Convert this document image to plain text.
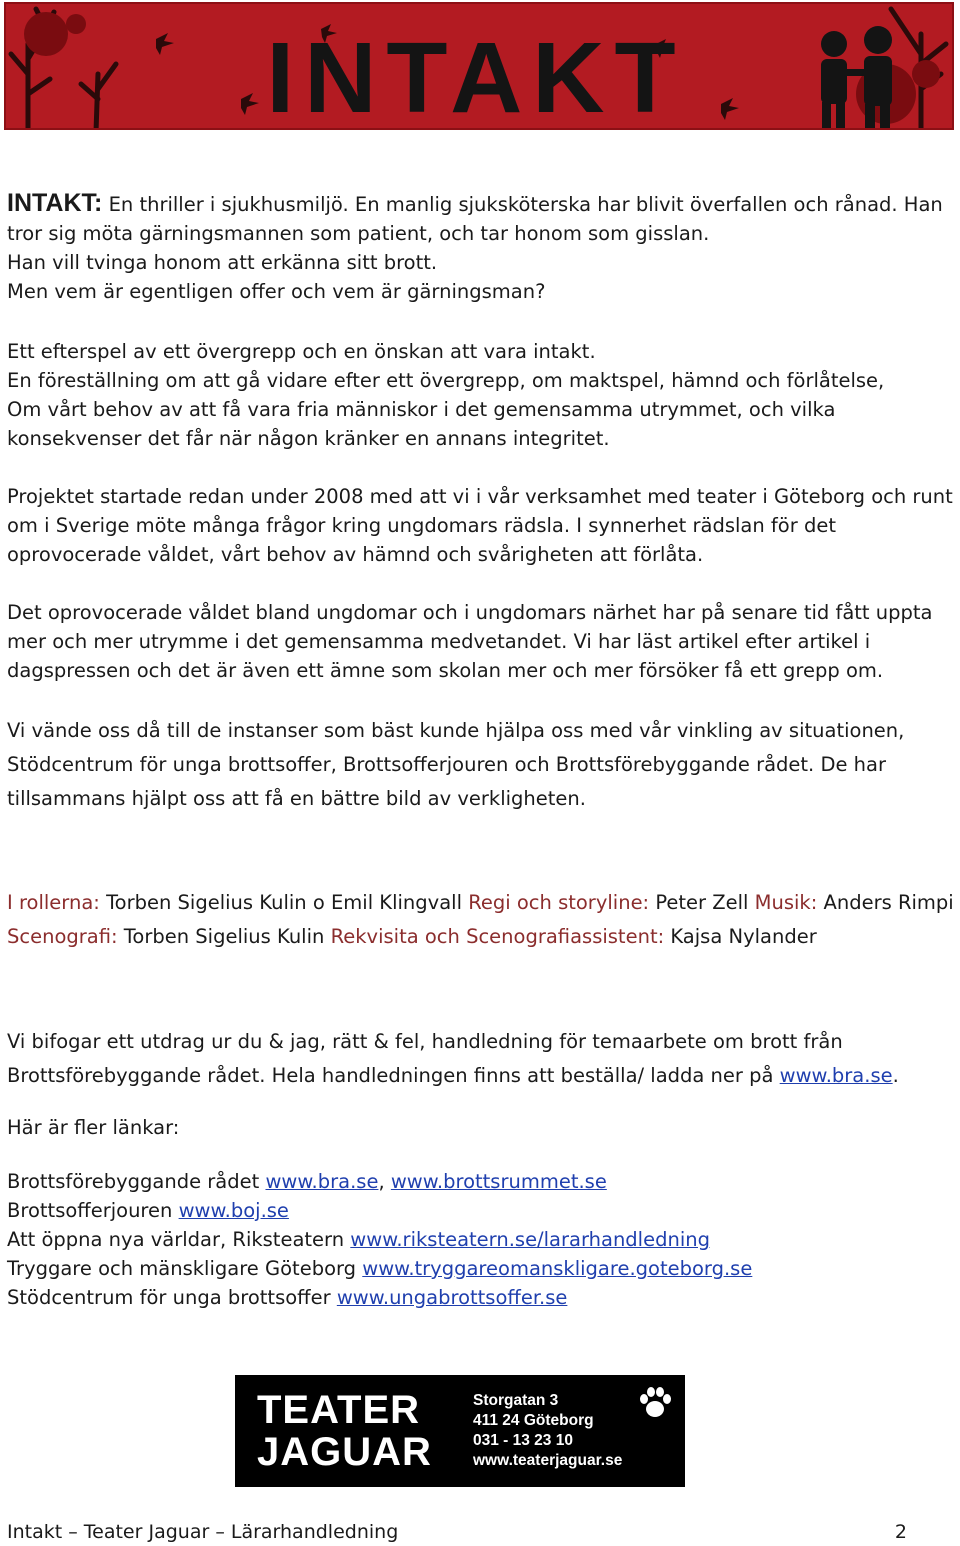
INTAKT

INTAKT: En thriller i sjukhusmiljö. En manlig sjuksköterska har blivit överfallen och rånad. Han tror sig möta gärningsmannen som patient, och tar honom som gisslan.

Han vill tvinga honom att erkänna sitt brott.

Men vem är egentligen offer och vem är gärningsman?

Ett efterspel av ett övergrepp och en önskan att vara intakt.

En föreställning om att gå vidare efter ett övergrepp, om maktspel, hämnd och förlåtelse,

Om vårt behov av att få vara fria människor i det gemensamma utrymmet, och vilka konsekvenser det får när någon kränker en annans integritet.

Projektet startade redan under 2008 med att vi i vår verksamhet med teater i Göteborg och runt om i Sverige möte många frågor kring ungdomars rädsla. I synnerhet rädslan för det oprovocerade våldet, vårt behov av hämnd och svårigheten att förlåta.
Det oprovocerade våldet bland ungdomar och i ungdomars närhet har på senare tid fått uppta mer och mer utrymme i det gemensamma medvetandet. Vi har läst artikel efter artikel i dagspressen och det är även ett ämne som skolan mer och mer försöker få ett grepp om.

Vi vände oss då till de instanser som bäst kunde hjälpa oss med vår vinkling av situationen,

Stödcentrum för unga brottsoffer, Brottsofferjouren och Brottsförebyggande rådet. De har

tillsammans hjälpt oss att få en bättre bild av verkligheten.

I rollerna: Torben Sigelius Kulin o Emil Klingvall Regi och storyline: Peter Zell Musik: Anders Rimpi

Scenografi: Torben Sigelius Kulin Rekvisita och Scenografiassistent: Kajsa Nylander

Vi bifogar ett utdrag ur du & jag, rätt & fel, handledning för temaarbete om brott från

Brottsförebyggande rådet. Hela handledningen finns att beställa/ ladda ner på www.bra.se.

Här är fler länkar:

Brottsförebyggande rådet www.bra.se, www.brottsrummet.se

Brottsofferjouren www.boj.se

Att öppna nya världar, Riksteatern www.riksteatern.se/lararhandledning

Tryggare och mänskligare Göteborg www.tryggareomanskligare.goteborg.se

Stödcentrum för unga brottsoffer www.ungabrottsoffer.se

TEATER
JAGUAR
Storgatan 3
411 24 Göteborg
031 - 13 23 10
www.teaterjaguar.se
Intakt – Teater Jaguar – Lärarhandledning	2
